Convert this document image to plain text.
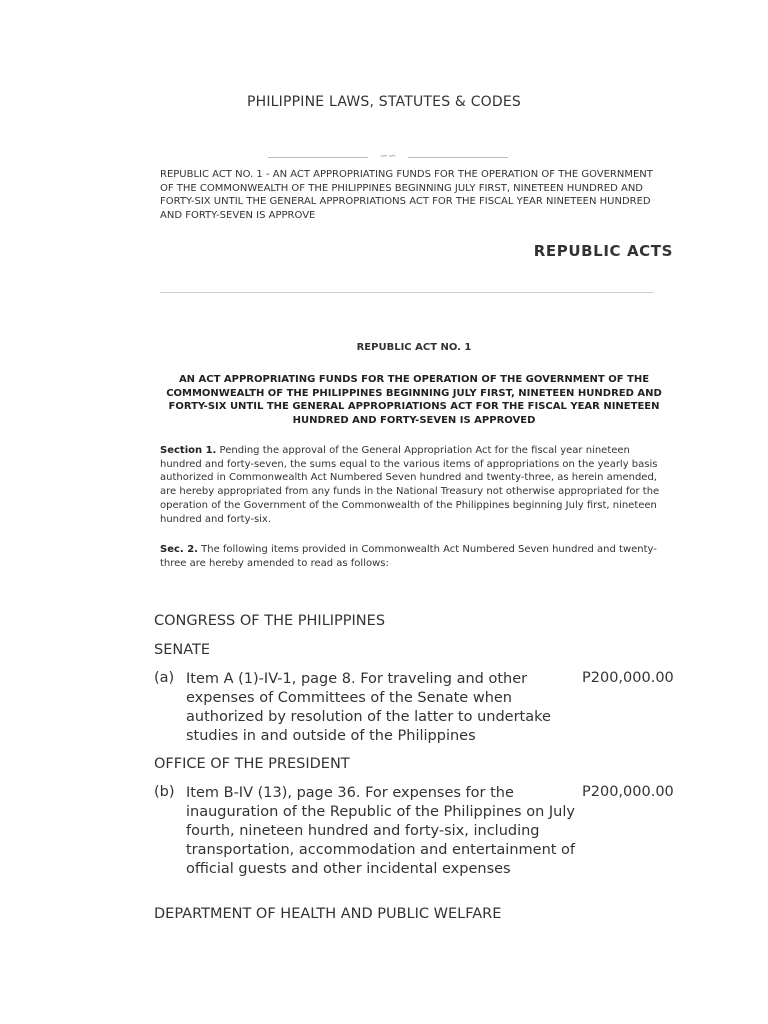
PHILIPPINE LAWS, STATUTES & CODES
∽∽
REPUBLIC ACT NO. 1 - AN ACT APPROPRIATING FUNDS FOR THE OPERATION OF THE GOVERNMENT OF THE COMMONWEALTH OF THE PHILIPPINES BEGINNING JULY FIRST, NINETEEN HUNDRED AND FORTY-SIX UNTIL THE GENERAL APPROPRIATIONS ACT FOR THE FISCAL YEAR NINETEEN HUNDRED AND FORTY-SEVEN IS APPROVE
REPUBLIC ACTS
REPUBLIC ACT NO. 1
AN ACT APPROPRIATING FUNDS FOR THE OPERATION OF THE GOVERNMENT OF THE COMMONWEALTH OF THE PHILIPPINES BEGINNING JULY FIRST, NINETEEN HUNDRED AND FORTY-SIX UNTIL THE GENERAL APPROPRIATIONS ACT FOR THE FISCAL YEAR NINETEEN HUNDRED AND FORTY-SEVEN IS APPROVED
Section 1. Pending the approval of the General Appropriation Act for the fiscal year nineteen hundred and forty-seven, the sums equal to the various items of appropriations on the yearly basis authorized in Commonwealth Act Numbered Seven hundred and twenty-three, as herein amended, are hereby appropriated from any funds in the National Treasury not otherwise appropriated for the operation of the Government of the Commonwealth of the Philippines beginning July first, nineteen hundred and forty-six.
Sec. 2. The following items provided in Commonwealth Act Numbered Seven hundred and twenty-three are hereby amended to read as follows:
CONGRESS OF THE PHILIPPINES
SENATE
(a) Item A (1)-IV-1, page 8. For traveling and other expenses of Committees of the Senate when authorized by resolution of the latter to undertake studies in and outside of the Philippines
P200,000.00
OFFICE OF THE PRESIDENT
(b) Item B-IV (13), page 36. For expenses for the inauguration of the Republic of the Philippines on July fourth, nineteen hundred and forty-six, including transportation, accommodation and entertainment of official guests and other incidental expenses
P200,000.00
DEPARTMENT OF HEALTH AND PUBLIC WELFARE
